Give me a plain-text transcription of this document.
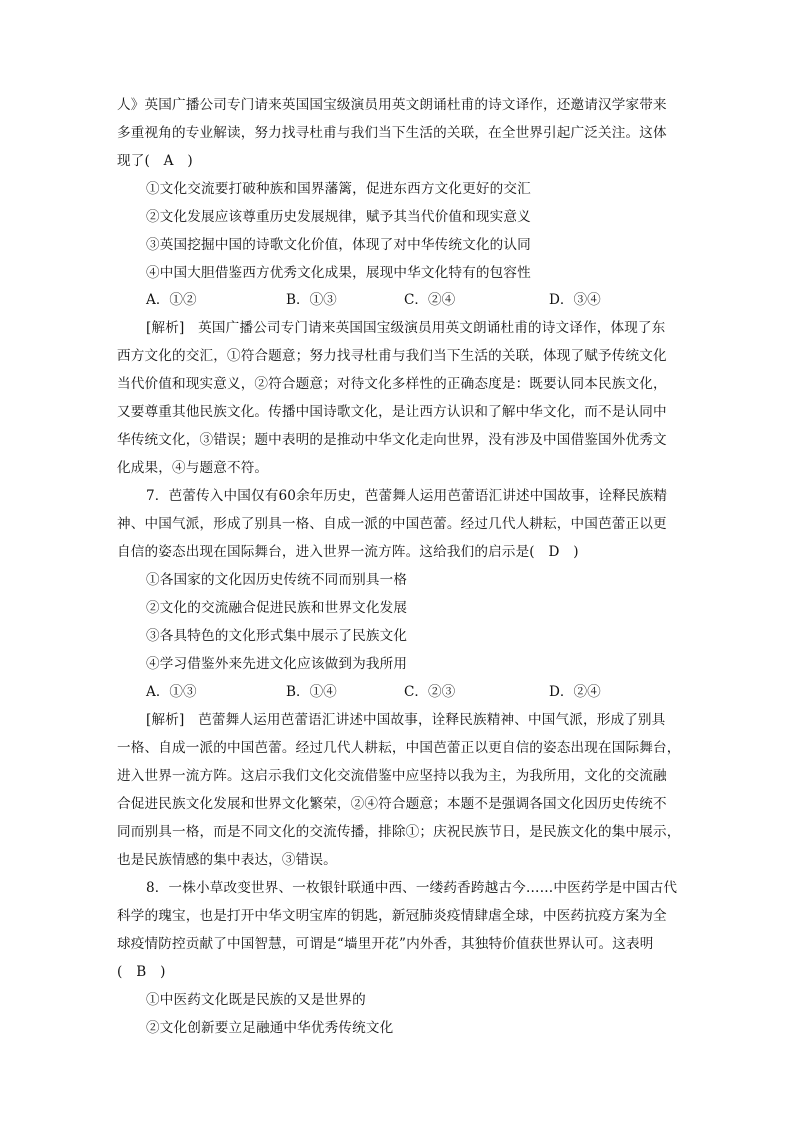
人》英国广播公司专门请来英国国宝级演员用英文朗诵杜甫的诗文译作，还邀请汉学家带来
多重视角的专业解读，努力找寻杜甫与我们当下生活的关联，在全世界引起广泛关注。这体
现了(　A　)
①文化交流要打破种族和国界藩篱，促进东西方文化更好的交汇
②文化发展应该尊重历史发展规律，赋予其当代价值和现实意义
③英国挖掘中国的诗歌文化价值，体现了对中华传统文化的认同
④中国大胆借鉴西方优秀文化成果，展现中华文化特有的包容性
A．①②	B．①③	C．②④	D．③④
[解析]　英国广播公司专门请来英国国宝级演员用英文朗诵杜甫的诗文译作，体现了东
西方文化的交汇，①符合题意；努力找寻杜甫与我们当下生活的关联，体现了赋予传统文化
当代价值和现实意义，②符合题意；对待文化多样性的正确态度是：既要认同本民族文化，
又要尊重其他民族文化。传播中国诗歌文化，是让西方认识和了解中华文化，而不是认同中
华传统文化，③错误；题中表明的是推动中华文化走向世界，没有涉及中国借鉴国外优秀文
化成果，④与题意不符。
7．芭蕾传入中国仅有60余年历史，芭蕾舞人运用芭蕾语汇讲述中国故事，诠释民族精
神、中国气派，形成了别具一格、自成一派的中国芭蕾。经过几代人耕耘，中国芭蕾正以更
自信的姿态出现在国际舞台，进入世界一流方阵。这给我们的启示是(　D　)
①各国家的文化因历史传统不同而别具一格
②文化的交流融合促进民族和世界文化发展
③各具特色的文化形式集中展示了民族文化
④学习借鉴外来先进文化应该做到为我所用
A．①③	B．①④	C．②③	D．②④
[解析]　芭蕾舞人运用芭蕾语汇讲述中国故事，诠释民族精神、中国气派，形成了别具
一格、自成一派的中国芭蕾。经过几代人耕耘，中国芭蕾正以更自信的姿态出现在国际舞台，
进入世界一流方阵。这启示我们文化交流借鉴中应坚持以我为主，为我所用，文化的交流融
合促进民族文化发展和世界文化繁荣，②④符合题意；本题不是强调各国文化因历史传统不
同而别具一格，而是不同文化的交流传播，排除①；庆祝民族节日，是民族文化的集中展示，
也是民族情感的集中表达，③错误。
8．一株小草改变世界、一枚银针联通中西、一缕药香跨越古今……中医药学是中国古代
科学的瑰宝，也是打开中华文明宝库的钥匙，新冠肺炎疫情肆虐全球，中医药抗疫方案为全
球疫情防控贡献了中国智慧，可谓是“墙里开花”内外香，其独特价值获世界认可。这表明
(　B　)
①中医药文化既是民族的又是世界的
②文化创新要立足融通中华优秀传统文化
